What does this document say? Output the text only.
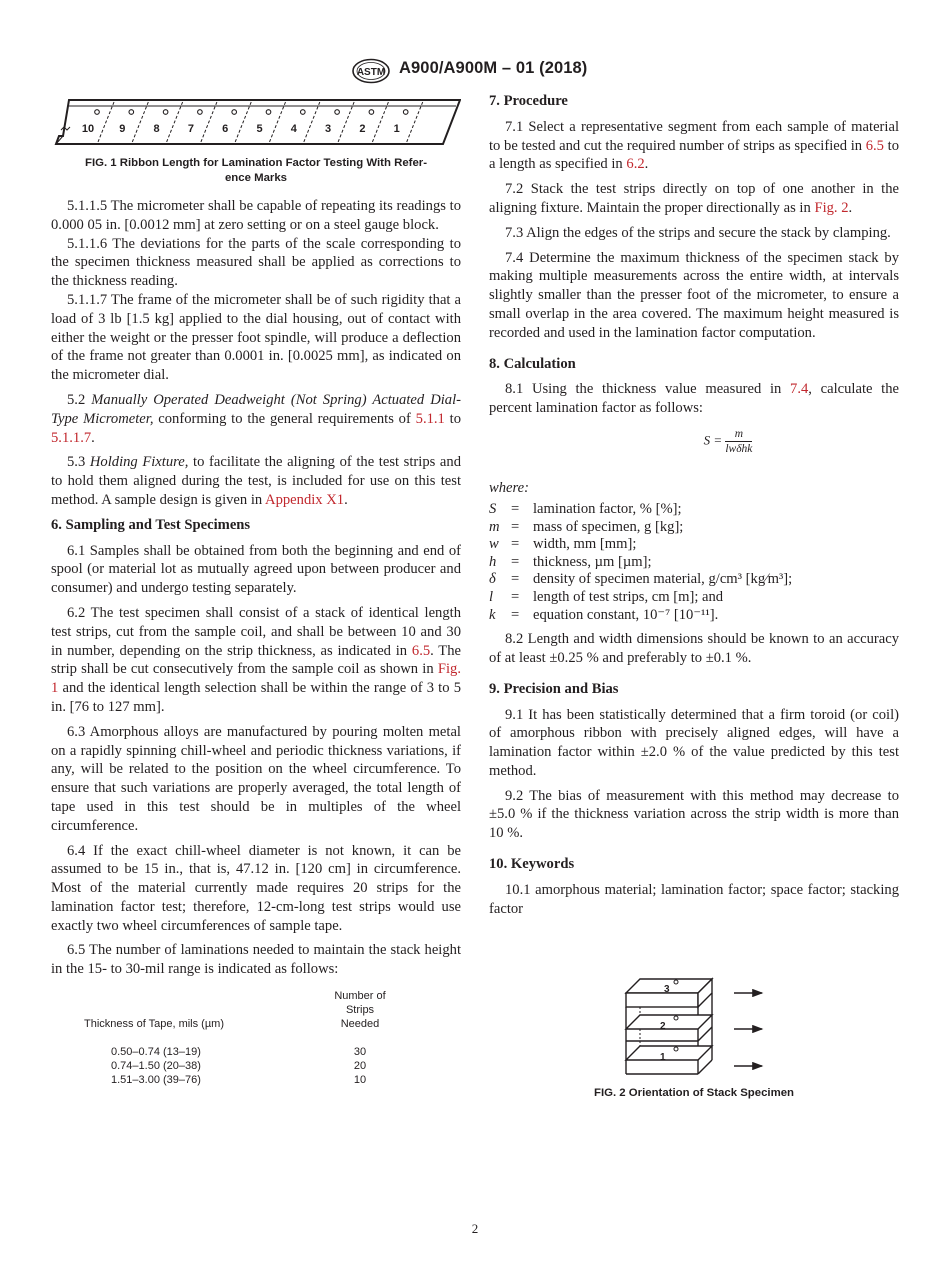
ASTM A900/A900M – 01 (2018)
10 9	8	7	6	5	4	3	2	1
FIG. 1 Ribbon Length for Lamination Factor Testing With Refer-
ence Marks

5.1.1.5 The micrometer shall be capable of repeating its readings to 0.000 05 in. [0.0012 mm] at zero setting or on a steel gauge block.

5.1.1.6 The deviations for the parts of the scale corresponding to the specimen thickness measured shall be applied as corrections to the thickness reading.

5.1.1.7 The frame of the micrometer shall be of such rigidity that a load of 3 lb [1.5 kg] applied to the dial housing, out of contact with either the weight or the presser foot spindle, will produce a deflection of the frame not greater than 0.0001 in. [0.0025 mm], as indicated on the micrometer dial.

5.2 Manually Operated Deadweight (Not Spring) Actuated Dial-Type Micrometer, conforming to the general requirements of 5.1.1 to 5.1.1.7.

5.3 Holding Fixture, to facilitate the aligning of the test strips and to hold them aligned during the test, is included for use on this test method. A sample design is given in Appendix X1.

6. Sampling and Test Specimens

6.1 Samples shall be obtained from both the beginning and end of spool (or material lot as mutually agreed upon between producer and consumer) and undergo testing separately.

6.2 The test specimen shall consist of a stack of identical length test strips, cut from the sample coil, and shall be between 10 and 30 in number, depending on the strip thickness, as indicated in 6.5. The strip shall be cut consecutively from the sample coil as shown in Fig. 1 and the identical length selection shall be within the range of 3 to 5 in. [76 to 127 mm].

6.3 Amorphous alloys are manufactured by pouring molten metal on a rapidly spinning chill-wheel and periodic thickness variations, if any, will be related to the position on the wheel circumference. To ensure that such variations are properly averaged, the total length of tape used in this test should be in multiples of the wheel circumference.

6.4 If the exact chill-wheel diameter is not known, it can be assumed to be 15 in., that is, 47.12 in. [120 cm] in circumference. Most of the material currently made requires 20 strips for the lamination factor test; therefore, 12-cm-long test strips would use exactly two wheel circumferences of sample tape.

6.5 The number of laminations needed to maintain the stack height in the 15- to 30-mil range is indicated as follows:

Thickness of Tape, mils (µm)	Number of
Strips Needed

0.50–0.74 (13–19)	30
0.74–1.50 (20–38)	20
1.51–3.00 (39–76)	10
7. Procedure

7.1 Select a representative segment from each sample of material to be tested and cut the required number of strips as specified in 6.5 to a length as specified in 6.2.

7.2 Stack the test strips directly on top of one another in the aligning fixture. Maintain the proper directionally as in Fig. 2.

7.3 Align the edges of the strips and secure the stack by clamping.

7.4 Determine the maximum thickness of the specimen stack by making multiple measurements across the entire width, at intervals slightly smaller than the presser foot of the micrometer, to ensure a small overlap in the area covered. The maximum height measured is recorded and used in the lamination factor computation.

8. Calculation

8.1 Using the thickness value measured in 7.4, calculate the percent lamination factor as follows:

$S = \frac{m}{\text{lwδhk}}$
where:
S	= lamination factor, % [%];
m = mass of specimen, g [kg];
w = width, mm [mm];
h	= thickness, µm [µm];
δ	= density of specimen material, g/cm³ [kg⁄m³];
l	= length of test strips, cm [m]; and
k	= equation constant, 10⁻⁷ [10⁻¹¹].

8.2 Length and width dimensions should be known to an accuracy of at least ±0.25 % and preferably to ±0.1 %.

9. Precision and Bias

9.1 It has been statistically determined that a firm toroid (or coil) of amorphous ribbon with precisely aligned edges, will have a lamination factor within ±2.0 % of the value predicted by this test method.

9.2 The bias of measurement with this method may decrease to ±5.0 % if the thickness variation across the strip width is more than 10 %.

10. Keywords

10.1 amorphous material; lamination factor; space factor; stacking factor

3
2
1
FIG. 2 Orientation of Stack Specimen
2
